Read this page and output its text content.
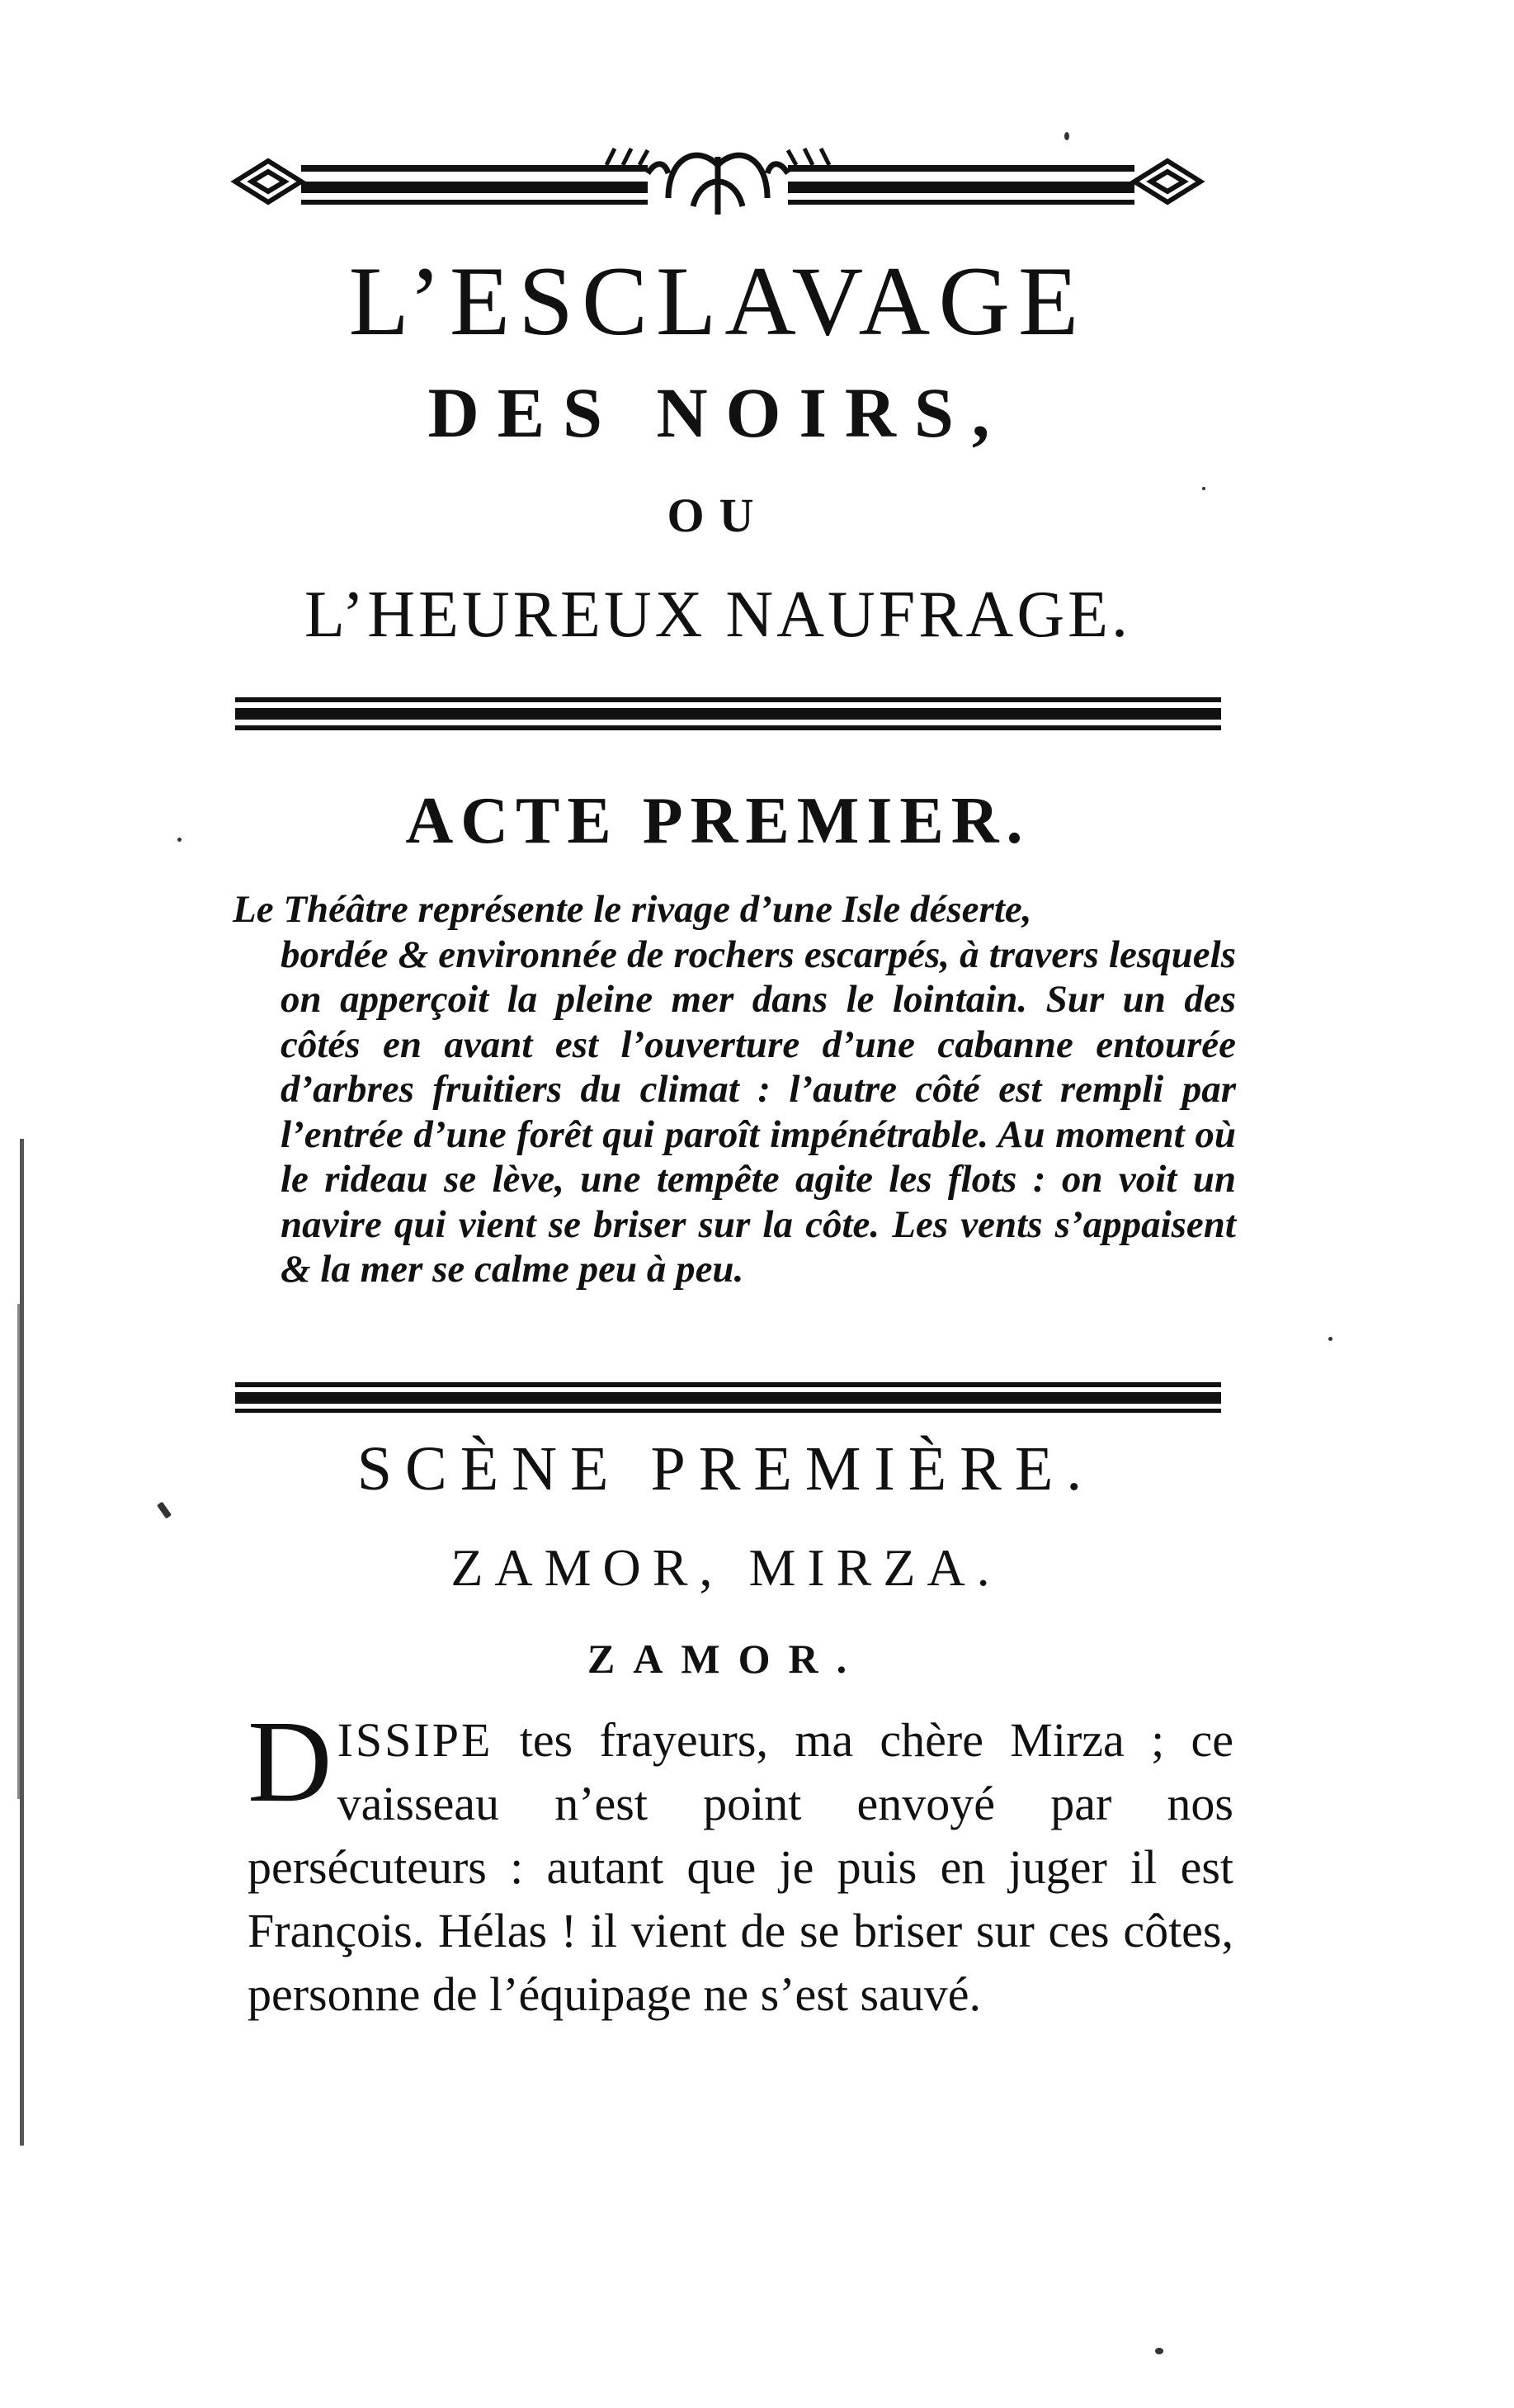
L’ESCLAVAGE
DES NOIRS,
OU
L’HEUREUX NAUFRAGE.
ACTE PREMIER.
Le Théâtre représente le rivage d’une Isle déserte,
bordée & environnée de rochers escarpés, à travers lesquels on apperçoit la pleine mer dans le lointain. Sur un des côtés en avant est l’ouverture d’une cabanne entourée d’arbres fruitiers du climat : l’autre côté est rempli par l’entrée d’une forêt qui paroît impénétrable. Au moment où le rideau se lève, une tempête agite les flots : on voit un navire qui vient se briser sur la côte. Les vents s’appaisent & la mer se calme peu à peu.
SCÈNE PREMIÈRE.
ZAMOR, MIRZA.
ZAMOR.
DISSIPE tes frayeurs, ma chère Mirza ; ce vaisseau n’est point envoyé par nos persécuteurs : autant que je puis en juger il est François. Hélas ! il vient de se briser sur ces côtes, personne de l’équipage ne s’est sauvé.
